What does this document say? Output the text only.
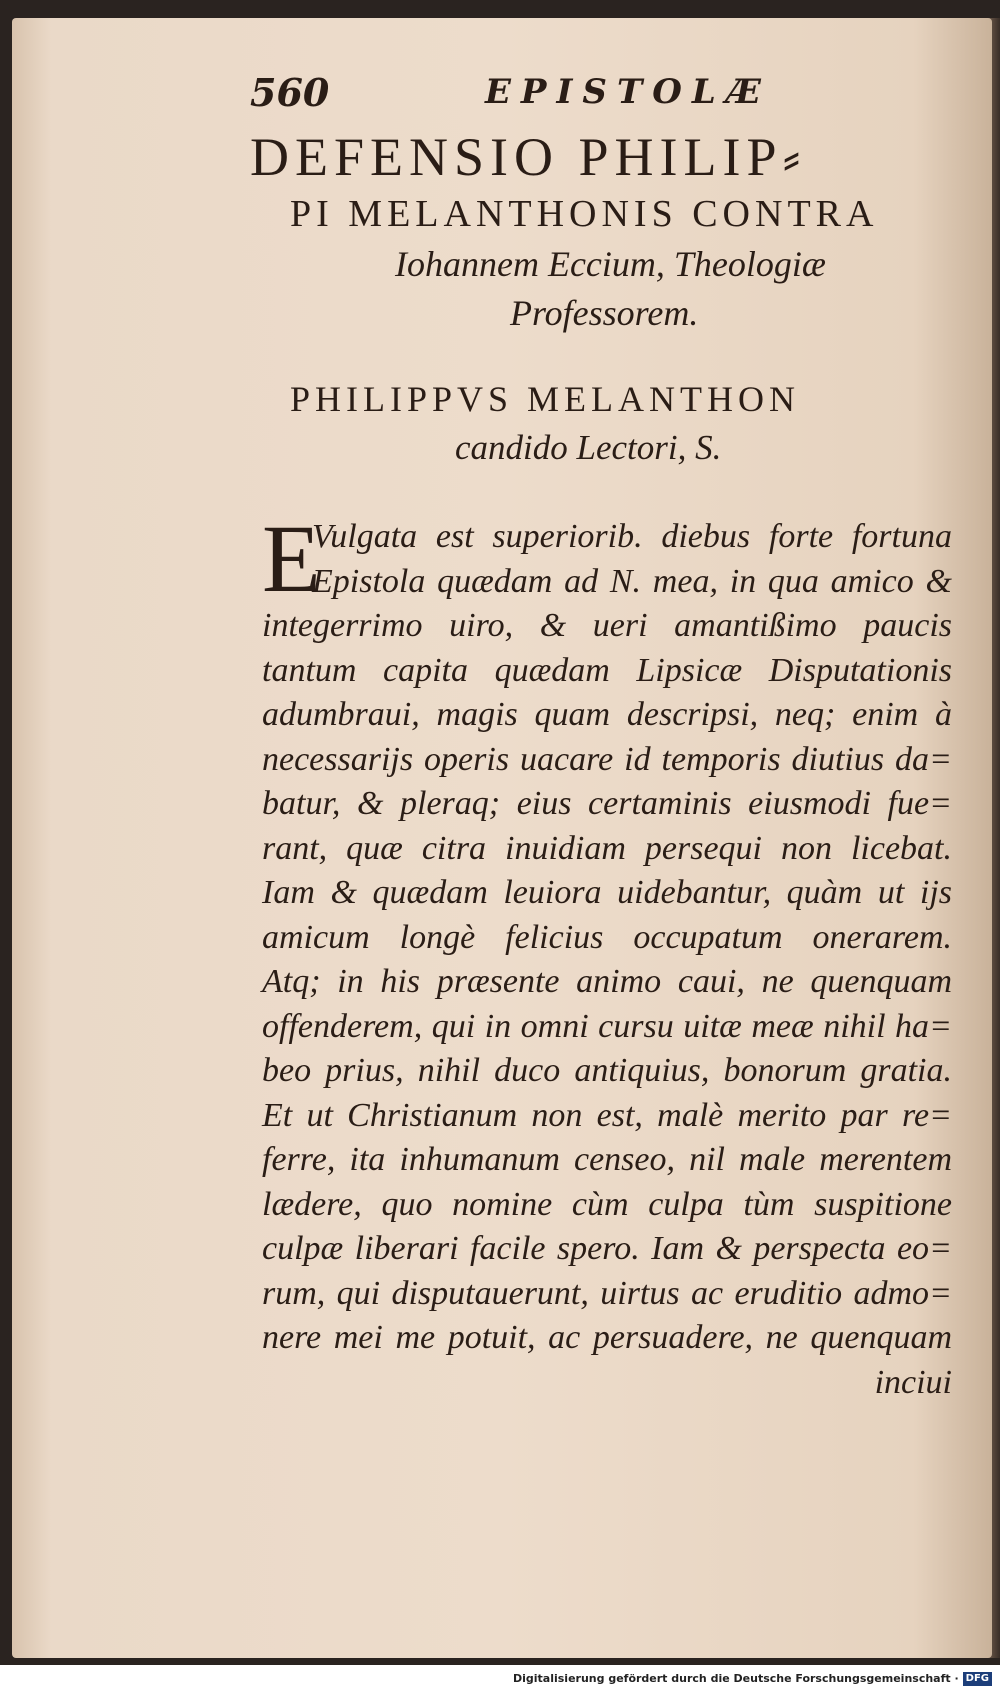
560	EPISTOLÆ
DEFENSIO PHILIP⸗
PI MELANTHONIS CONTRA
Iohannem Eccium, Theologiæ
Professorem.
PHILIPPVS MELANTHON
candido Lectori, S.
E
Vulgata est superiorib. diebus forte fortuna
Epistola quædam ad N. mea, in qua amico &
integerrimo uiro, & ueri amantißimo paucis
tantum capita quædam Lipsicæ Disputationis
adumbraui, magis quam descripsi, neq; enim à
necessarijs operis uacare id temporis diutius da=
batur, & pleraq; eius certaminis eiusmodi fue=
rant, quæ citra inuidiam persequi non licebat.
Iam & quædam leuiora uidebantur, quàm ut ijs
amicum longè felicius occupatum onerarem.
Atq; in his præsente animo caui, ne quenquam
offenderem, qui in omni cursu uitæ meæ nihil ha=
beo prius, nihil duco antiquius, bonorum gratia.
Et ut Christianum non est, malè merito par re=
ferre, ita inhumanum censeo, nil male merentem
lædere, quo nomine cùm culpa tùm suspitione
culpæ liberari facile spero. Iam & perspecta eo=
rum, qui disputauerunt, uirtus ac eruditio admo=
nere mei me potuit, ac persuadere, ne quenquam
inciui
Digitalisierung gefördert durch die Deutsche Forschungsgemeinschaft · DFG
